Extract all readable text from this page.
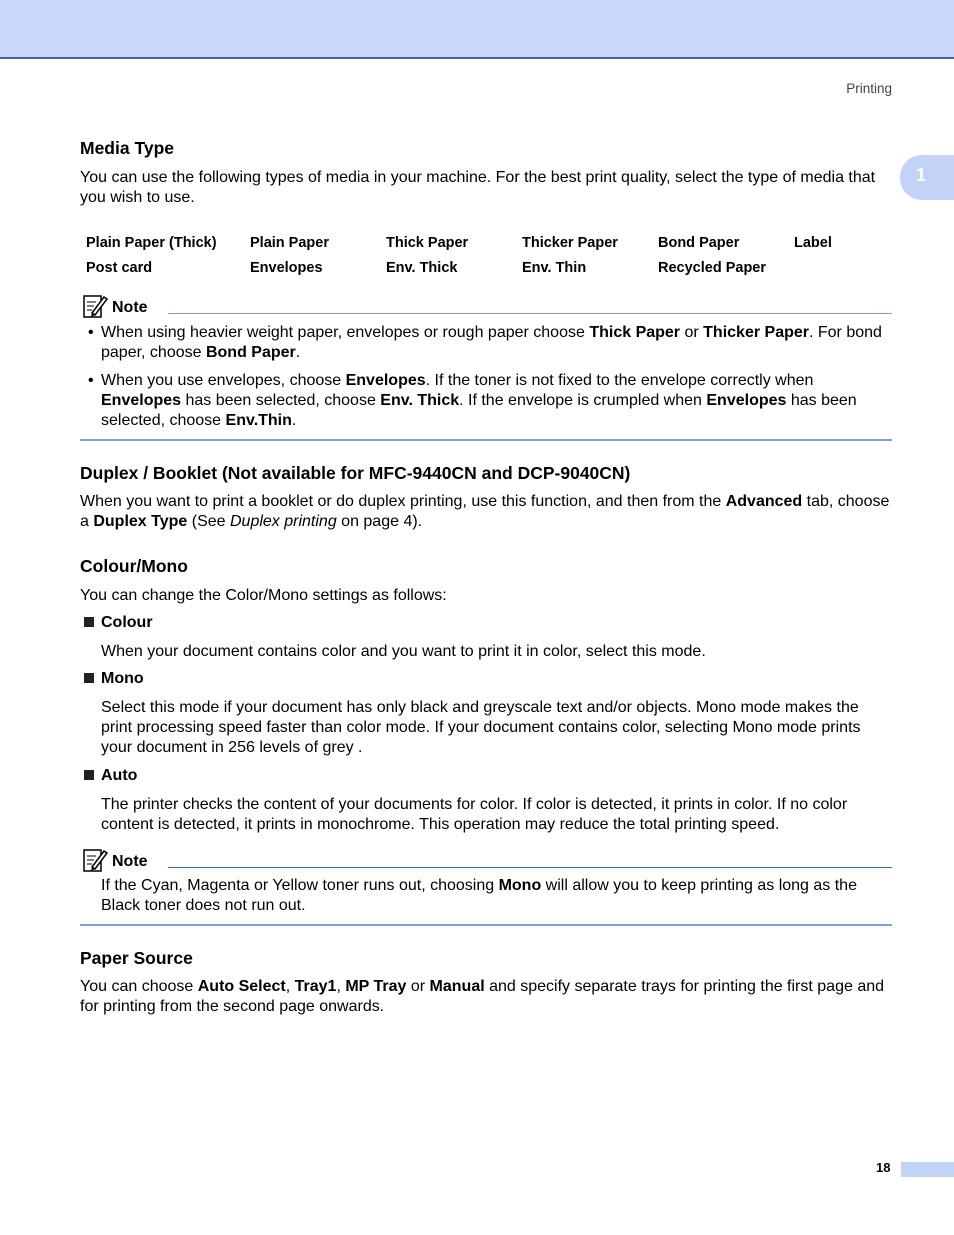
Printing
1
Media Type

You can use the following types of media in your machine. For the best print quality, select the type of media that you wish to use.

Plain Paper (Thick)	Plain Paper	Thick Paper	Thicker Paper	Bond Paper	Label
Post card	Envelopes	Env. Thick	Env. Thin	Recycled Paper	
Note

• When using heavier weight paper, envelopes or rough paper choose Thick Paper or Thicker Paper. For bond paper, choose Bond Paper.

• When you use envelopes, choose Envelopes. If the toner is not fixed to the envelope correctly when Envelopes has been selected, choose Env. Thick. If the envelope is crumpled when Envelopes has been selected, choose Env.Thin.

Duplex / Booklet (Not available for MFC-9440CN and DCP-9040CN)

When you want to print a booklet or do duplex printing, use this function, and then from the Advanced tab, choose a Duplex Type (See Duplex printing on page 4).

Colour/Mono

You can change the Color/Mono settings as follows:

Colour

When your document contains color and you want to print it in color, select this mode.

Mono

Select this mode if your document has only black and greyscale text and/or objects. Mono mode makes the print processing speed faster than color mode. If your document contains color, selecting Mono mode prints your document in 256 levels of grey .

Auto

The printer checks the content of your documents for color. If color is detected, it prints in color. If no color content is detected, it prints in monochrome. This operation may reduce the total printing speed.

Note

If the Cyan, Magenta or Yellow toner runs out, choosing Mono will allow you to keep printing as long as the Black toner does not run out.

Paper Source

You can choose Auto Select, Tray1, MP Tray or Manual and specify separate trays for printing the first page and for printing from the second page onwards.

18
